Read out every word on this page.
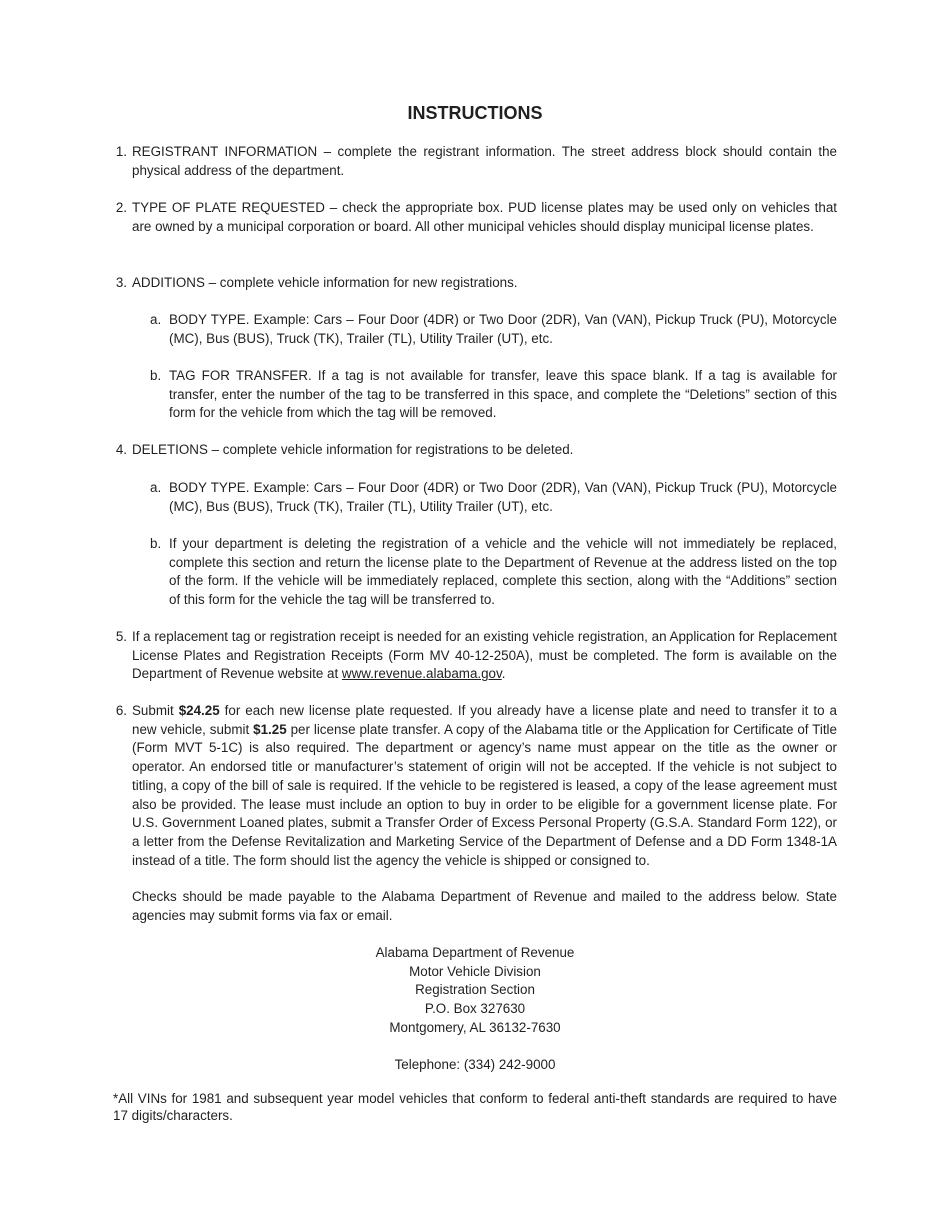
INSTRUCTIONS
1. REGISTRANT INFORMATION – complete the registrant information. The street address block should contain the physical address of the department.
2. TYPE OF PLATE REQUESTED – check the appropriate box. PUD license plates may be used only on vehicles that are owned by a municipal corporation or board. All other municipal vehicles should display municipal license plates.
3. ADDITIONS – complete vehicle information for new registrations.
a. BODY TYPE. Example: Cars – Four Door (4DR) or Two Door (2DR), Van (VAN), Pickup Truck (PU), Motorcycle (MC), Bus (BUS), Truck (TK), Trailer (TL), Utility Trailer (UT), etc.
b. TAG FOR TRANSFER. If a tag is not available for transfer, leave this space blank. If a tag is available for transfer, enter the number of the tag to be transferred in this space, and complete the “Deletions” section of this form for the vehicle from which the tag will be removed.
4. DELETIONS – complete vehicle information for registrations to be deleted.
a. BODY TYPE. Example: Cars – Four Door (4DR) or Two Door (2DR), Van (VAN), Pickup Truck (PU), Motorcycle (MC), Bus (BUS), Truck (TK), Trailer (TL), Utility Trailer (UT), etc.
b. If your department is deleting the registration of a vehicle and the vehicle will not immediately be replaced, complete this section and return the license plate to the Department of Revenue at the address listed on the top of the form. If the vehicle will be immediately replaced, complete this section, along with the “Additions” section of this form for the vehicle the tag will be transferred to.
5. If a replacement tag or registration receipt is needed for an existing vehicle registration, an Application for Replacement License Plates and Registration Receipts (Form MV 40-12-250A), must be completed. The form is available on the Department of Revenue website at www.revenue.alabama.gov.
6. Submit $24.25 for each new license plate requested. If you already have a license plate and need to transfer it to a new vehicle, submit $1.25 per license plate transfer. A copy of the Alabama title or the Application for Certificate of Title (Form MVT 5-1C) is also required. The department or agency’s name must appear on the title as the owner or operator. An endorsed title or manufacturer’s statement of origin will not be accepted. If the vehicle is not subject to titling, a copy of the bill of sale is required. If the vehicle to be registered is leased, a copy of the lease agreement must also be provided. The lease must include an option to buy in order to be eligible for a government license plate. For U.S. Government Loaned plates, submit a Transfer Order of Excess Personal Property (G.S.A. Standard Form 122), or a letter from the Defense Revitalization and Marketing Service of the Department of Defense and a DD Form 1348-1A instead of a title. The form should list the agency the vehicle is shipped or consigned to.
Checks should be made payable to the Alabama Department of Revenue and mailed to the address below. State agencies may submit forms via fax or email.
Alabama Department of Revenue
Motor Vehicle Division
Registration Section
P.O. Box 327630
Montgomery, AL 36132-7630
Telephone: (334) 242-9000
*All VINs for 1981 and subsequent year model vehicles that conform to federal anti-theft standards are required to have 17 digits/characters.
